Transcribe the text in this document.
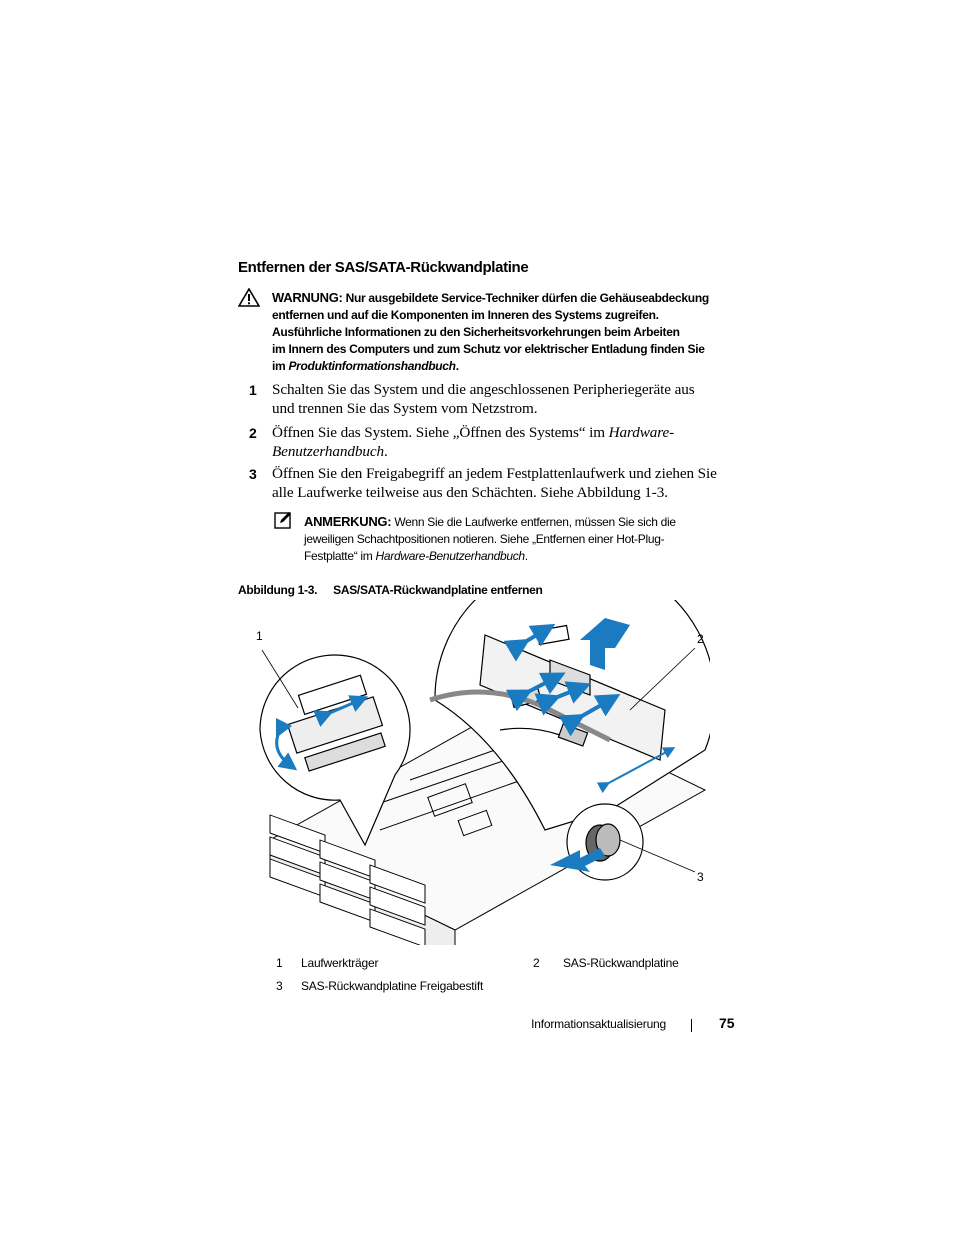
Entfernen der SAS/SATA-Rückwandplatine
WARNUNG: Nur ausgebildete Service-Techniker dürfen die Gehäuseabdeckung
entfernen und auf die Komponenten im Inneren des Systems zugreifen.
Ausführliche Informationen zu den Sicherheitsvorkehrungen beim Arbeiten
im Innern des Computers und zum Schutz vor elektrischer Entladung finden Sie
im Produktinformationshandbuch.
1 Schalten Sie das System und die angeschlossenen Peripheriegeräte aus
und trennen Sie das System vom Netzstrom.
2 Öffnen Sie das System. Siehe „Öffnen des Systems“ im Hardware-
Benutzerhandbuch.
3 Öffnen Sie den Freigabegriff an jedem Festplattenlaufwerk und ziehen Sie
alle Laufwerke teilweise aus den Schächten. Siehe Abbildung 1-3.
ANMERKUNG: Wenn Sie die Laufwerke entfernen, müssen Sie sich die
jeweiligen Schachtpositionen notieren. Siehe „Entfernen einer Hot-Plug-
Festplatte“ im Hardware-Benutzerhandbuch.
Abbildung 1-3. SAS/SATA-Rückwandplatine entfernen
1	2
3
1 Laufwerkträger	2 SAS-Rückwandplatine
3 SAS-Rückwandplatine Freigabestift
Informationsaktualisierung	75
